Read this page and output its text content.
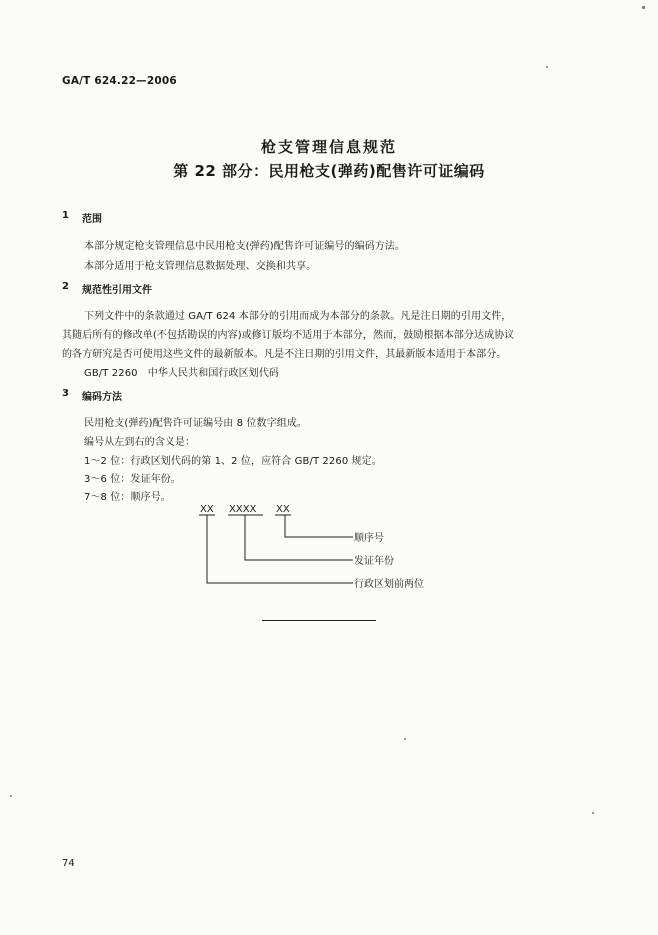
GA/T 624.22—2006
枪支管理信息规范
第 22 部分：民用枪支(弹药)配售许可证编码
1 范围
本部分规定枪支管理信息中民用枪支(弹药)配售许可证编号的编码方法。
本部分适用于枪支管理信息数据处理、交换和共享。
2 规范性引用文件
下列文件中的条款通过 GA/T 624 本部分的引用而成为本部分的条款。凡是注日期的引用文件，
其随后所有的修改单(不包括勘误的内容)或修订版均不适用于本部分，然而，鼓励根据本部分达成协议
的各方研究是否可使用这些文件的最新版本。凡是不注日期的引用文件，其最新版本适用于本部分。
GB/T 2260　中华人民共和国行政区划代码
3 编码方法
民用枪支(弹药)配售许可证编号由 8 位数字组成。
编号从左到右的含义是：
1～2 位：行政区划代码的第 1、2 位，应符合 GB/T 2260 规定。
3～6 位：发证年份。
7～8 位：顺序号。
XX XXXX XX
顺序号
发证年份
行政区划前两位
74
